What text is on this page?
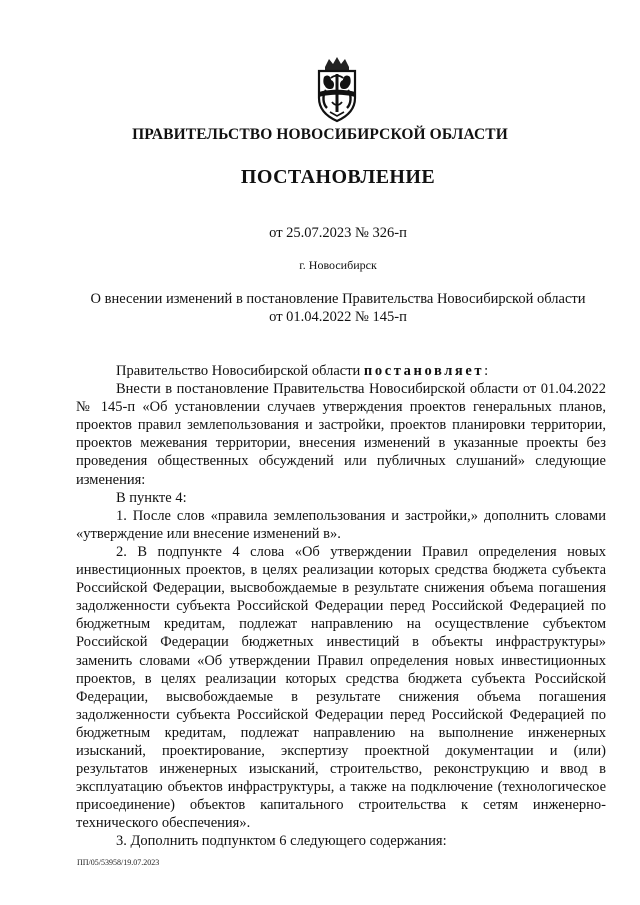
ПРАВИТЕЛЬСТВО НОВОСИБИРСКОЙ ОБЛАСТИ
ПОСТАНОВЛЕНИЕ
от 25.07.2023 № 326-п
г. Новосибирск
О внесении изменений в постановление Правительства Новосибирской области
от 01.04.2022 № 145-п

Правительство Новосибирской области постановляет:

Внести в постановление Правительства Новосибирской области от 01.04.2022 № 145-п «Об установлении случаев утверждения проектов генеральных планов, проектов правил землепользования и застройки, проектов планировки территории, проектов межевания территории, внесения изменений в указанные проекты без проведения общественных обсуждений или публичных слушаний» следующие изменения:

В пункте 4:

1. После слов «правила землепользования и застройки,» дополнить словами «утверждение или внесение изменений в».

2. В подпункте 4 слова «Об утверждении Правил определения новых инвестиционных проектов, в целях реализации которых средства бюджета субъекта Российской Федерации, высвобождаемые в результате снижения объема погашения задолженности субъекта Российской Федерации перед Российской Федерацией по бюджетным кредитам, подлежат направлению на осуществление субъектом Российской Федерации бюджетных инвестиций в объекты инфраструктуры» заменить словами «Об утверждении Правил определения новых инвестиционных проектов, в целях реализации которых средства бюджета субъекта Российской Федерации, высвобождаемые в результате снижения объема погашения задолженности субъекта Российской Федерации перед Российской Федерацией по бюджетным кредитам, подлежат направлению на выполнение инженерных изысканий, проектирование, экспертизу проектной документации и (или) результатов инженерных изысканий, строительство, реконструкцию и ввод в эксплуатацию объектов инфраструктуры, а также на подключение (технологическое присоединение) объектов капитального строительства к сетям инженерно-технического обеспечения».

3. Дополнить подпунктом 6 следующего содержания:

ПП/05/53958/19.07.2023
